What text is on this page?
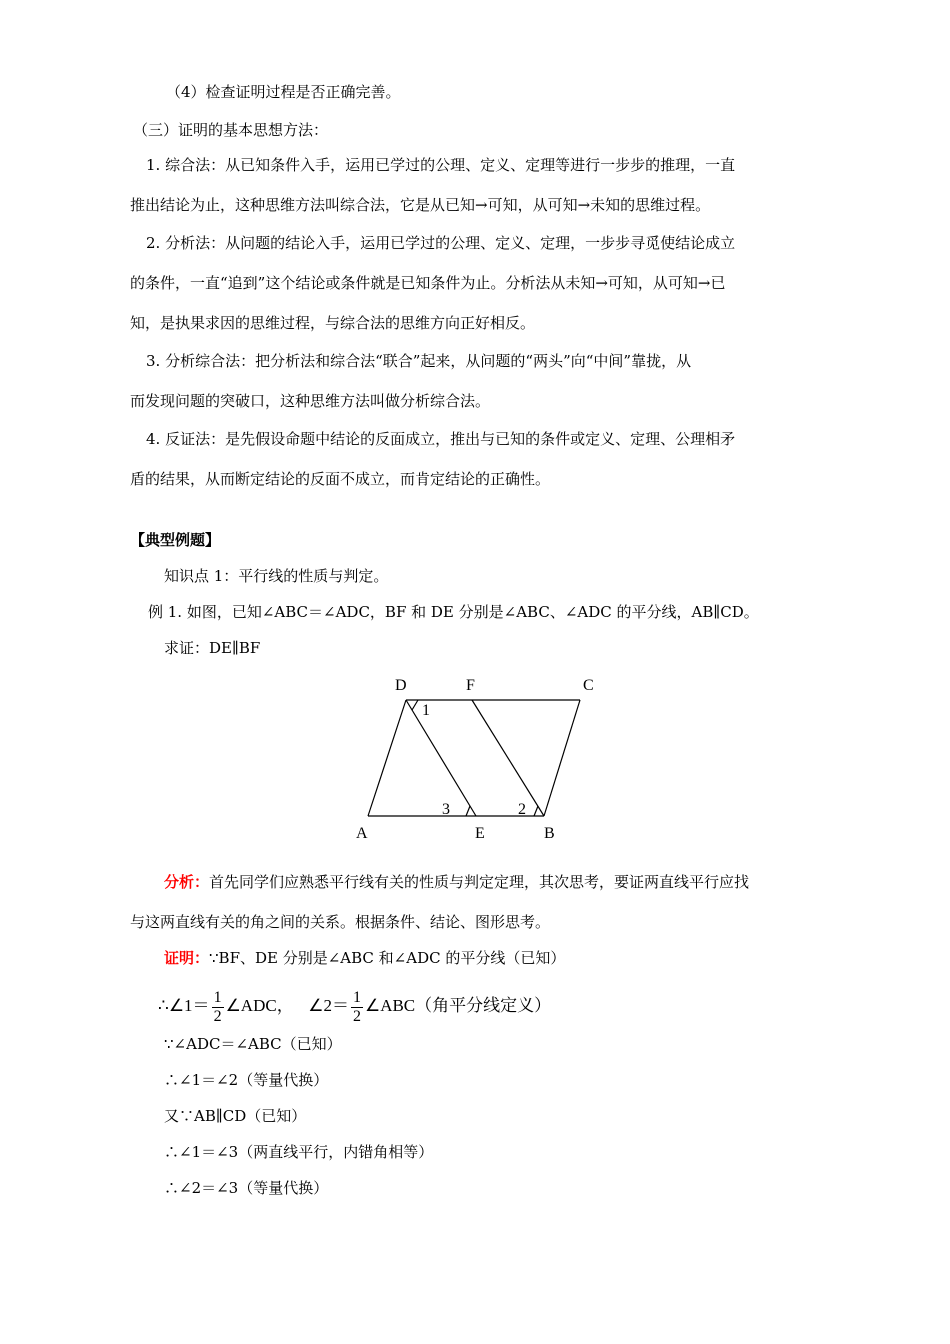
（4）检查证明过程是否正确完善。
（三）证明的基本思想方法：
1. 综合法：从已知条件入手，运用已学过的公理、定义、定理等进行一步步的推理，一直
推出结论为止，这种思维方法叫综合法，它是从已知→可知，从可知→未知的思维过程。
2. 分析法：从问题的结论入手，运用已学过的公理、定义、定理，一步步寻觅使结论成立
的条件，一直“追到”这个结论或条件就是已知条件为止。分析法从未知→可知，从可知→已
知，是执果求因的思维过程，与综合法的思维方向正好相反。
3. 分析综合法：把分析法和综合法“联合”起来，从问题的“两头”向“中间”靠拢，从
而发现问题的突破口，这种思维方法叫做分析综合法。
4. 反证法：是先假设命题中结论的反面成立，推出与已知的条件或定义、定理、公理相矛
盾的结果，从而断定结论的反面不成立，而肯定结论的正确性。
【典型例题】
知识点 1：平行线的性质与判定。
例 1. 如图，已知∠ABC＝∠ADC，BF 和 DE 分别是∠ABC、∠ADC 的平分线，AB∥CD。
求证：DE∥BF
D	F	C
A	E	B
1
3	2
分析：首先同学们应熟悉平行线有关的性质与判定定理，其次思考，要证两直线平行应找
与这两直线有关的角之间的关系。根据条件、结论、图形思考。
证明：∵BF、DE 分别是∠ABC 和∠ADC 的平分线（已知）
∴∠1＝ $\frac{1}{2}$ ∠ADC， ∠2＝ $\frac{1}{2}$ ∠ABC（角平分线定义）
∵∠ADC＝∠ABC（已知）
∴∠1＝∠2（等量代换）
又∵AB∥CD（已知）
∴∠1＝∠3（两直线平行，内错角相等）
∴∠2＝∠3（等量代换）
